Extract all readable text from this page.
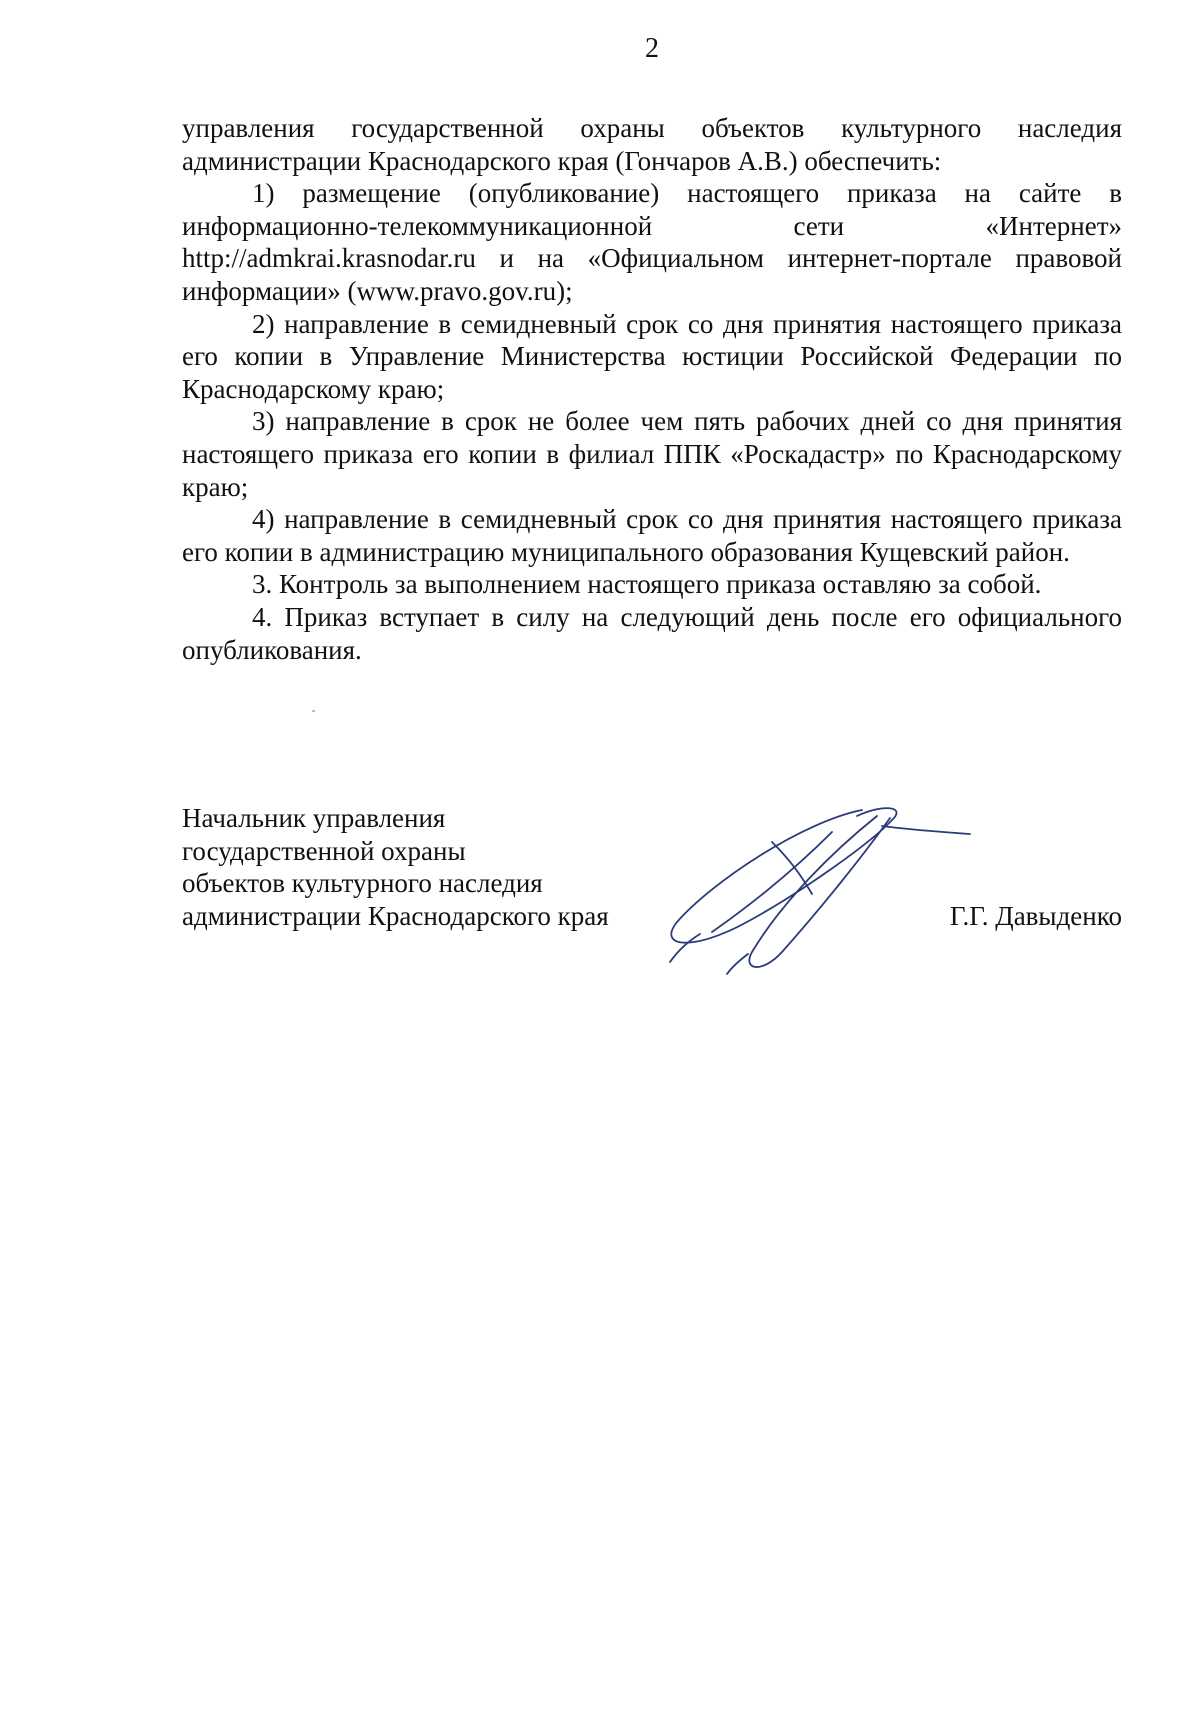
2

управления государственной охраны объектов культурного наследия администрации Краснодарского края (Гончаров А.В.) обеспечить:

1) размещение (опубликование) настоящего приказа на сайте в информационно-телекоммуникационной сети «Интернет» http://admkrai.krasnodar.ru и на «Официальном интернет-портале правовой информации» (www.pravo.gov.ru);

2) направление в семидневный срок со дня принятия настоящего приказа его копии в Управление Министерства юстиции Российской Федерации по Краснодарскому краю;

3) направление в срок не более чем пять рабочих дней со дня принятия настоящего приказа его копии в филиал ППК «Роскадастр» по Краснодарскому краю;

4) направление в семидневный срок со дня принятия настоящего приказа его копии в администрацию муниципального образования Кущевский район.

3. Контроль за выполнением настоящего приказа оставляю за собой.

4. Приказ вступает в силу на следующий день после его официального опубликования.

Начальник управления
государственной охраны
объектов культурного наследия
администрации Краснодарского края	Г.Г. Давыденко
